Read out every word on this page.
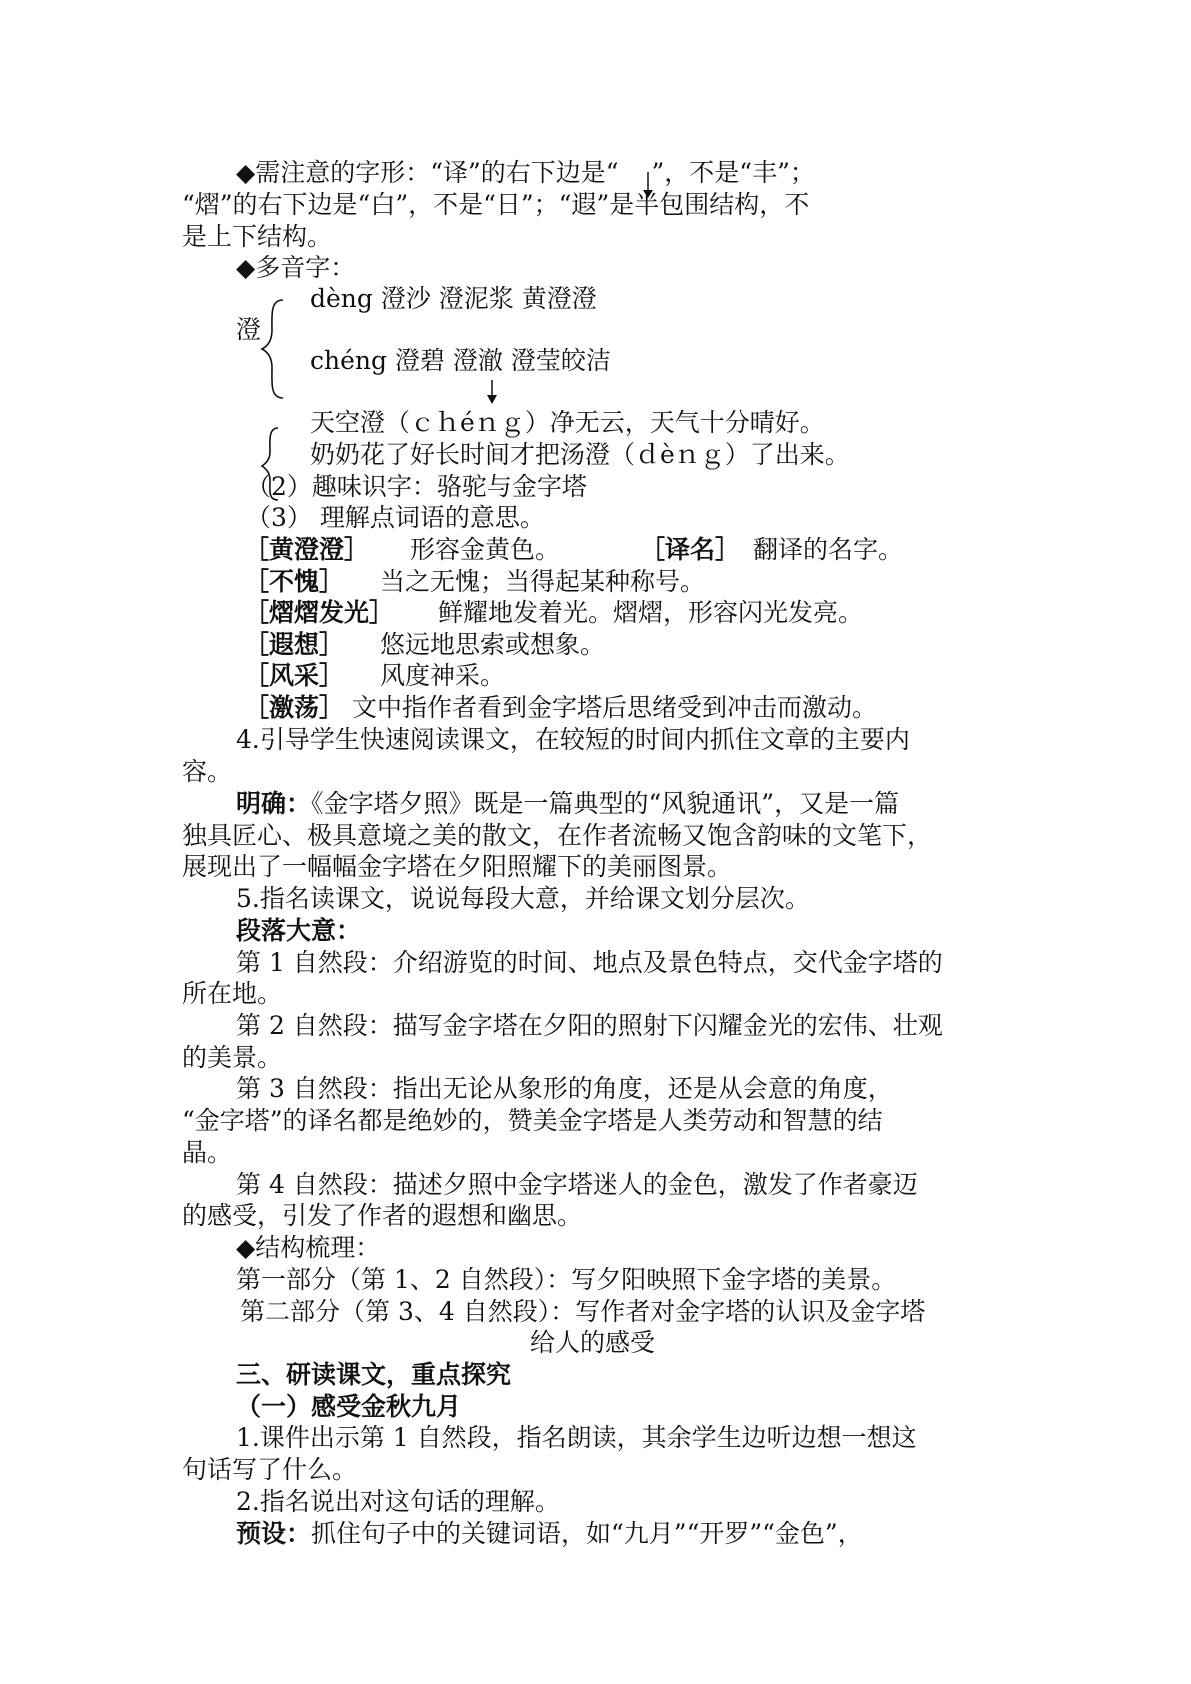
◆需注意的字形：“译”的右下边是“　 ”，不是“丰”；
“熠”的右下边是“白”，不是“日”；“遐”是半包围结构，不
是上下结构。
◆多音字：
dèng 澄沙 澄泥浆 黄澄澄
澄
chéng 澄碧 澄澈 澄莹皎洁
天空澄（ｃｈéｎｇ）净无云，天气十分晴好。
奶奶花了好长时间才把汤澄（ｄèｎｇ）了出来。
（2）趣味识字：骆驼与金字塔
（3） 理解点词语的意思。
［黄澄澄］ 形容金黄色。	［译名］ 翻译的名字。
［不愧］ 当之无愧；当得起某种称号。
［熠熠发光］ 鲜耀地发着光。熠熠，形容闪光发亮。
［遐想］ 悠远地思索或想象。
［风采］ 风度神采。
［激荡］ 文中指作者看到金字塔后思绪受到冲击而激动。
4.引导学生快速阅读课文，在较短的时间内抓住文章的主要内
容。
明确：《金字塔夕照》既是一篇典型的“风貌通讯”，又是一篇
独具匠心、极具意境之美的散文，在作者流畅又饱含韵味的文笔下，
展现出了一幅幅金字塔在夕阳照耀下的美丽图景。
5.指名读课文，说说每段大意，并给课文划分层次。
段落大意：
第 1 自然段：介绍游览的时间、地点及景色特点，交代金字塔的
所在地。
第 2 自然段：描写金字塔在夕阳的照射下闪耀金光的宏伟、壮观
的美景。
第 3 自然段：指出无论从象形的角度，还是从会意的角度，
“金字塔”的译名都是绝妙的，赞美金字塔是人类劳动和智慧的结
晶。
第 4 自然段：描述夕照中金字塔迷人的金色，激发了作者豪迈
的感受，引发了作者的遐想和幽思。
◆结构梳理：
第一部分（第 1、2 自然段）：写夕阳映照下金字塔的美景。
第二部分（第 3、4 自然段）：写作者对金字塔的认识及金字塔
给人的感受
三、研读课文，重点探究
（一）感受金秋九月
1.课件出示第 1 自然段，指名朗读，其余学生边听边想一想这
句话写了什么。
2.指名说出对这句话的理解。
预设：抓住句子中的关键词语，如“九月”“开罗”“金色”，
